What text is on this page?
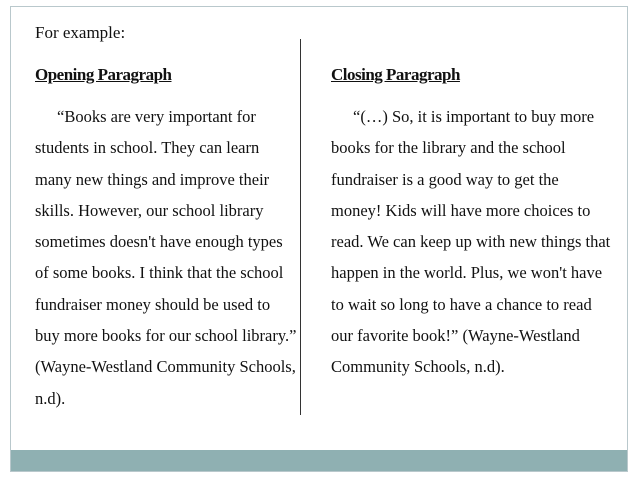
For example:

Opening Paragraph

“Books are very important for students in school. They can learn many new things and improve their skills. However, our school library sometimes doesn't have enough types of some books. I think that the school fundraiser money should be used to buy more books for our school library.” (Wayne-Westland Community Schools, n.d).

Closing Paragraph

“(…) So, it is important to buy more books for the library and the school fundraiser is a good way to get the money! Kids will have more choices to read. We can keep up with new things that happen in the world. Plus, we won't have to wait so long to have a chance to read our favorite book!” (Wayne-Westland Community Schools, n.d).
